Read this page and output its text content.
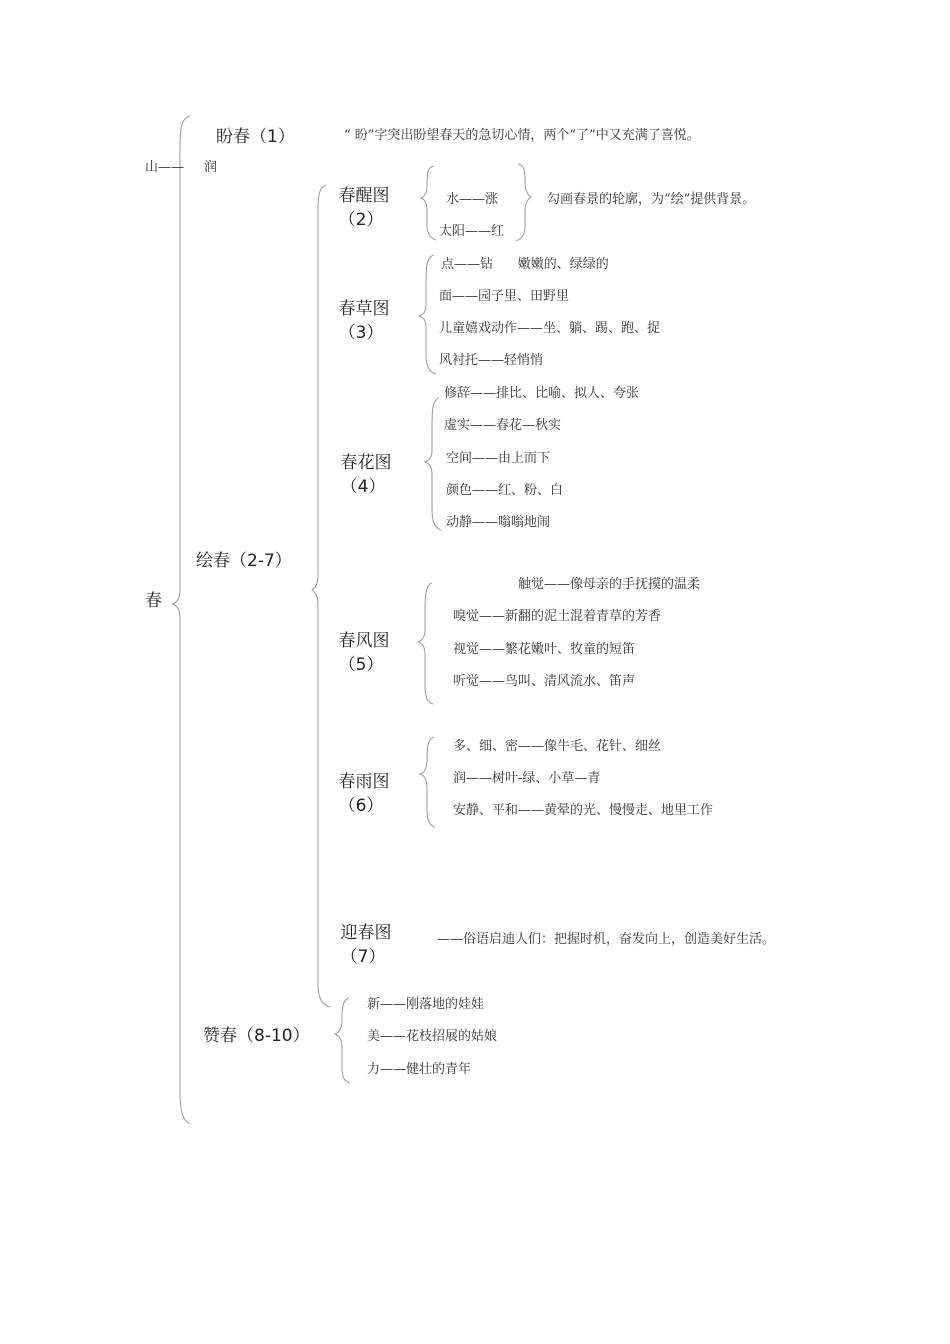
山—— 润
春
盼春（1）	“ 盼”字突出盼望春天的急切心情，两个“了”中又充满了喜悦。
绘春（2-7）
春醒图
（2）
水——涨
太阳——红
勾画春景的轮廓，为“绘”提供背景。
春草图
（3）
点——钻      嫩嫩的、绿绿的
面——园子里、田野里
儿童嬉戏动作——坐、躺、踢、跑、捉
风衬托——轻悄悄
春花图
（4）
修辞——排比、比喻、拟人、夸张
虚实——春花—秋实
空间——由上而下
颜色——红、粉、白
动静——嗡嗡地闹
春风图
（5）
触觉——像母亲的手抚摸的温柔
嗅觉——新翻的泥土混着青草的芳香
视觉——繁花嫩叶、牧童的短笛
听觉——鸟叫、清风流水、笛声
春雨图
（6）
多、细、密——像牛毛、花针、细丝
润——树叶-绿、小草—青
安静、平和——黄晕的光、慢慢走、地里工作
迎春图
（7）
——俗语启迪人们：把握时机，奋发向上，创造美好生活。
赞春（8-10）
新——刚落地的娃娃
美——花枝招展的姑娘
力——健壮的青年
